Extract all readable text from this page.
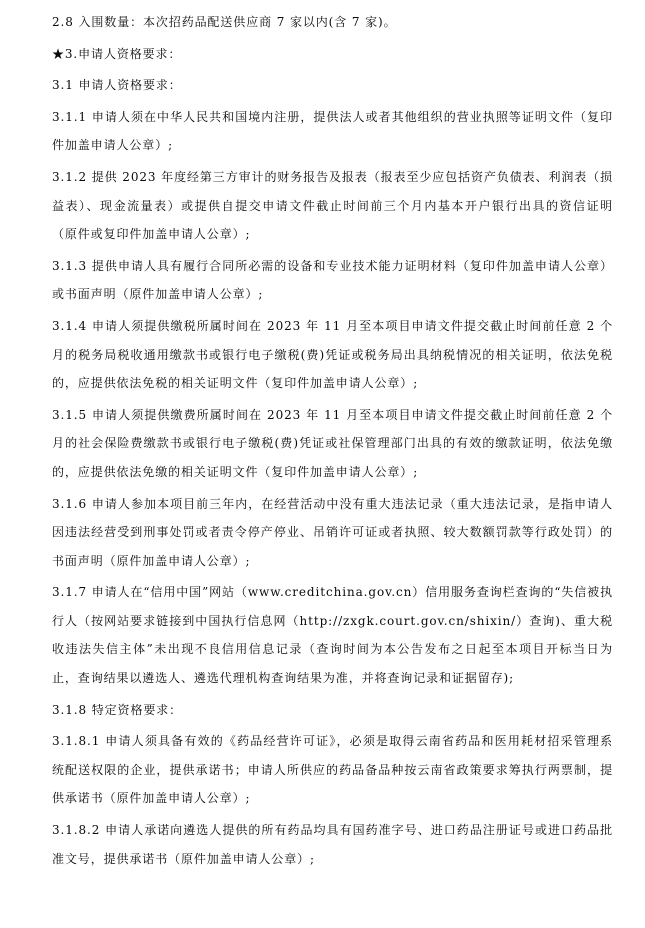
2.8 入围数量：本次招药品配送供应商 7 家以内(含 7 家)。

★3.申请人资格要求：

3.1 申请人资格要求：

3.1.1 申请人须在中华人民共和国境内注册，提供法人或者其他组织的营业执照等证明文件（复印件加盖申请人公章）;

3.1.2 提供 2023 年度经第三方审计的财务报告及报表（报表至少应包括资产负债表、利润表（损益表）、现金流量表）或提供自提交申请文件截止时间前三个月内基本开户银行出具的资信证明（原件或复印件加盖申请人公章）;

3.1.3 提供申请人具有履行合同所必需的设备和专业技术能力证明材料（复印件加盖申请人公章）或书面声明（原件加盖申请人公章）;

3.1.4 申请人须提供缴税所属时间在 2023 年 11 月至本项目申请文件提交截止时间前任意 2 个月的税务局税收通用缴款书或银行电子缴税(费)凭证或税务局出具纳税情况的相关证明，依法免税的，应提供依法免税的相关证明文件（复印件加盖申请人公章）;

3.1.5 申请人须提供缴费所属时间在 2023 年 11 月至本项目申请文件提交截止时间前任意 2 个月的社会保险费缴款书或银行电子缴税(费)凭证或社保管理部门出具的有效的缴款证明，依法免缴的，应提供依法免缴的相关证明文件（复印件加盖申请人公章）;

3.1.6 申请人参加本项目前三年内，在经营活动中没有重大违法记录（重大违法记录，是指申请人因违法经营受到刑事处罚或者责令停产停业、吊销许可证或者执照、较大数额罚款等行政处罚）的书面声明（原件加盖申请人公章）;

3.1.7 申请人在“信用中国”网站（www.creditchina.gov.cn）信用服务查询栏查询的“失信被执行人（按网站要求链接到中国执行信息网（http://zxgk.court.gov.cn/shixin/）查询)、重大税收违法失信主体”未出现不良信用信息记录（查询时间为本公告发布之日起至本项目开标当日为止，查询结果以遴选人、遴选代理机构查询结果为准，并将查询记录和证据留存);

3.1.8 特定资格要求：

3.1.8.1 申请人须具备有效的《药品经营许可证》，必须是取得云南省药品和医用耗材招采管理系统配送权限的企业，提供承诺书；申请人所供应的药品备品种按云南省政策要求筹执行两票制，提供承诺书（原件加盖申请人公章）;

3.1.8.2 申请人承诺向遴选人提供的所有药品均具有国药准字号、进口药品注册证号或进口药品批准文号，提供承诺书（原件加盖申请人公章）;
